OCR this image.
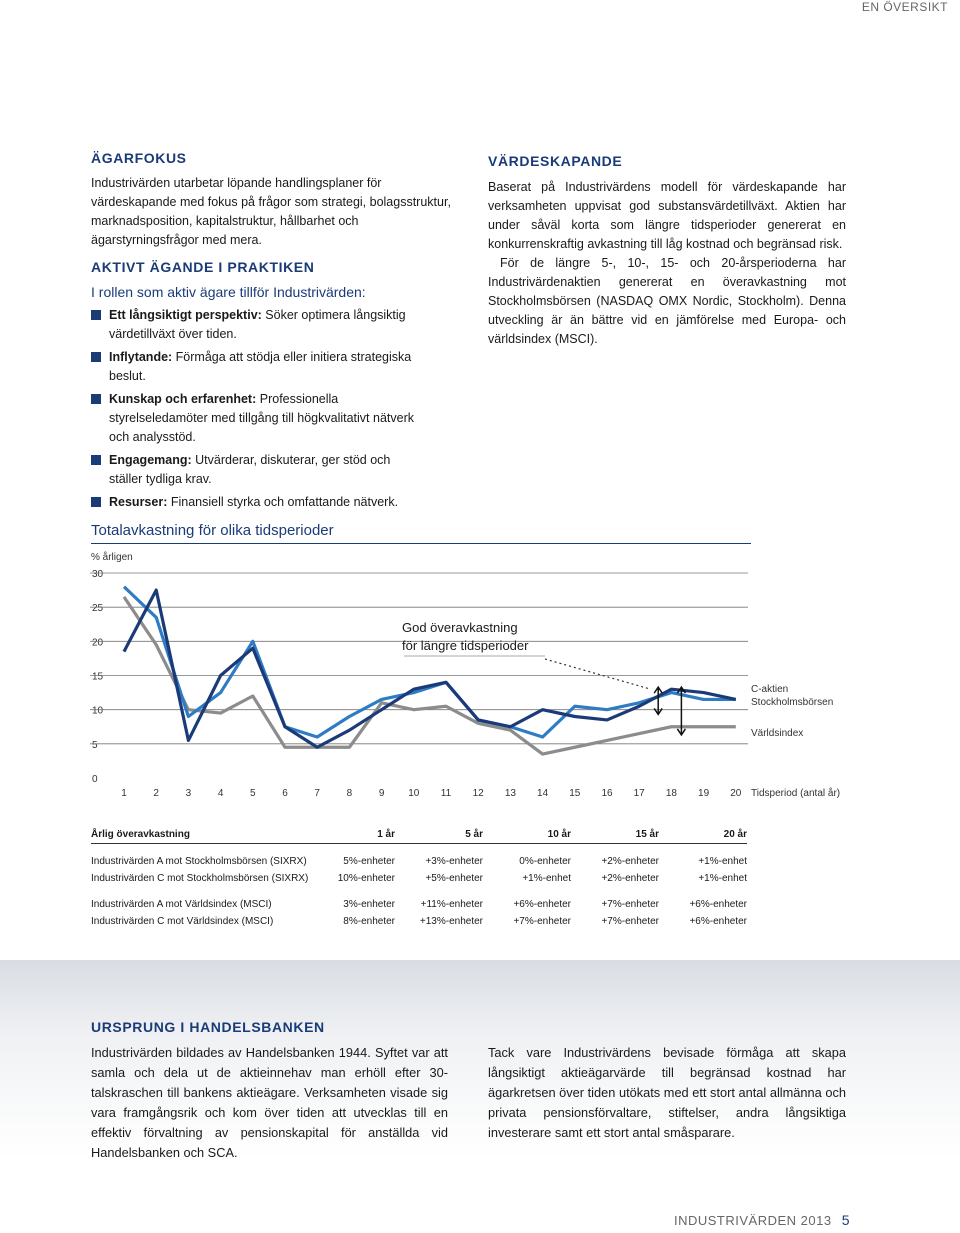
EN ÖVERSIKT
ÄGARFOKUS
Industrivärden utarbetar löpande handlingsplaner för värdeskapande med fokus på frågor som strategi, bolagsstruktur, marknadsposition, kapitalstruktur, hållbarhet och ägarstyrningsfrågor med mera.
AKTIVT ÄGANDE I PRAKTIKEN
I rollen som aktiv ägare tillför Industrivärden:
Ett långsiktigt perspektiv: Söker optimera långsiktig värdetillväxt över tiden.
Inflytande: Förmåga att stödja eller initiera strategiska beslut.
Kunskap och erfarenhet: Professionella styrelseledamöter med tillgång till högkvalitativt nätverk och analysstöd.
Engagemang: Utvärderar, diskuterar, ger stöd och ställer tydliga krav.
Resurser: Finansiell styrka och omfattande nätverk.
VÄRDESKAPANDE

Baserat på Industrivärdens modell för värdeskapande har verksamheten uppvisat god substansvärdetillväxt. Aktien har under såväl korta som längre tidsperioder genererat en konkurrenskraftig avkastning till låg kostnad och begränsad risk.

För de längre 5-, 10-, 15- och 20-årsperioderna har Industrivärdenaktien genererat en överavkastning mot Stockholmsbörsen (NASDAQ OMX Nordic, Stockholm). Denna utveckling är än bättre vid en jämförelse med Europa- och världsindex (MSCI).

Totalavkastning för olika tidsperioder
% årligen
0
5
10
15
20
25
30
1	2	3	4	5	6	7	8	9 10 11 12 13 14 15 16 17 18 19 20 Tidsperiod (antal år)
God överavkastning
för längre tidsperioder
C-aktien
Stockholmsbörsen
Världsindex
Årlig överavkastning	1 år	5 år	10 år	15 år	20 år

Industrivärden A mot Stockholmsbörsen (SIXRX)	5%-enheter	+3%-enheter	0%-enheter	+2%-enheter	+1%-enhet
Industrivärden C mot Stockholmsbörsen (SIXRX)	10%-enheter	+5%-enheter	+1%-enhet	+2%-enheter	+1%-enhet

Industrivärden A mot Världsindex (MSCI)	3%-enheter	+11%-enheter	+6%-enheter	+7%-enheter	+6%-enheter
Industrivärden C mot Världsindex (MSCI)	8%-enheter	+13%-enheter	+7%-enheter	+7%-enheter	+6%-enheter
URSPRUNG I HANDELSBANKEN
Industrivärden bildades av Handelsbanken 1944. Syftet var att samla och dela ut de aktieinnehav man erhöll efter 30-talskraschen till bankens aktieägare. Verksamheten visade sig vara framgångsrik och kom över tiden att utvecklas till en effektiv förvaltning av pensionskapital för anställda vid Handelsbanken och SCA.
Tack vare Industrivärdens bevisade förmåga att skapa långsiktigt aktieägarvärde till begränsad kostnad har ägarkretsen över tiden utökats med ett stort antal allmänna och privata pensionsförvaltare, stiftelser, andra långsiktiga investerare samt ett stort antal småsparare.
INDUSTRIVÄRDEN 2013 5
